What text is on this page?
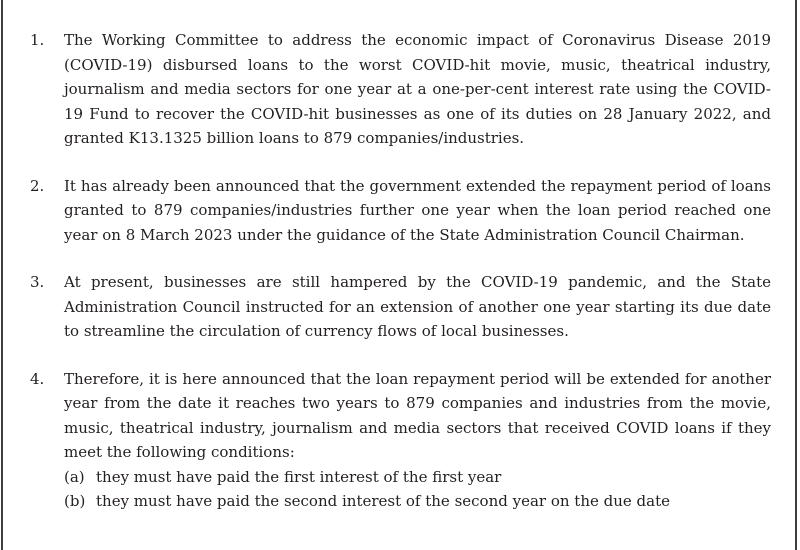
1.	The Working Committee to address the economic impact of Coronavirus Disease 2019 (COVID-19) disbursed loans to the worst COVID-hit movie, music, theatrical industry, journalism and media sectors for one year at a one-per-cent interest rate using the COVID-19 Fund to recover the COVID-hit businesses as one of its duties on 28 January 2022, and granted K13.1325 billion loans to 879 companies/industries.
2.	It has already been announced that the government extended the repayment period of loans granted to 879 companies/industries further one year when the loan period reached one year on 8 March 2023 under the guidance of the State Administration Council Chairman.
3.	At present, businesses are still hampered by the COVID-19 pandemic, and the State Administration Council instructed for an extension of another one year starting its due date to streamline the circulation of currency flows of local businesses.
4.	Therefore, it is here announced that the loan repayment period will be extended for another year from the date it reaches two years to 879 companies and industries from the movie, music, theatrical industry, journalism and media sectors that received COVID loans if they meet the following conditions:
(a) they must have paid the first interest of the first year
(b) they must have paid the second interest of the second year on the due date
